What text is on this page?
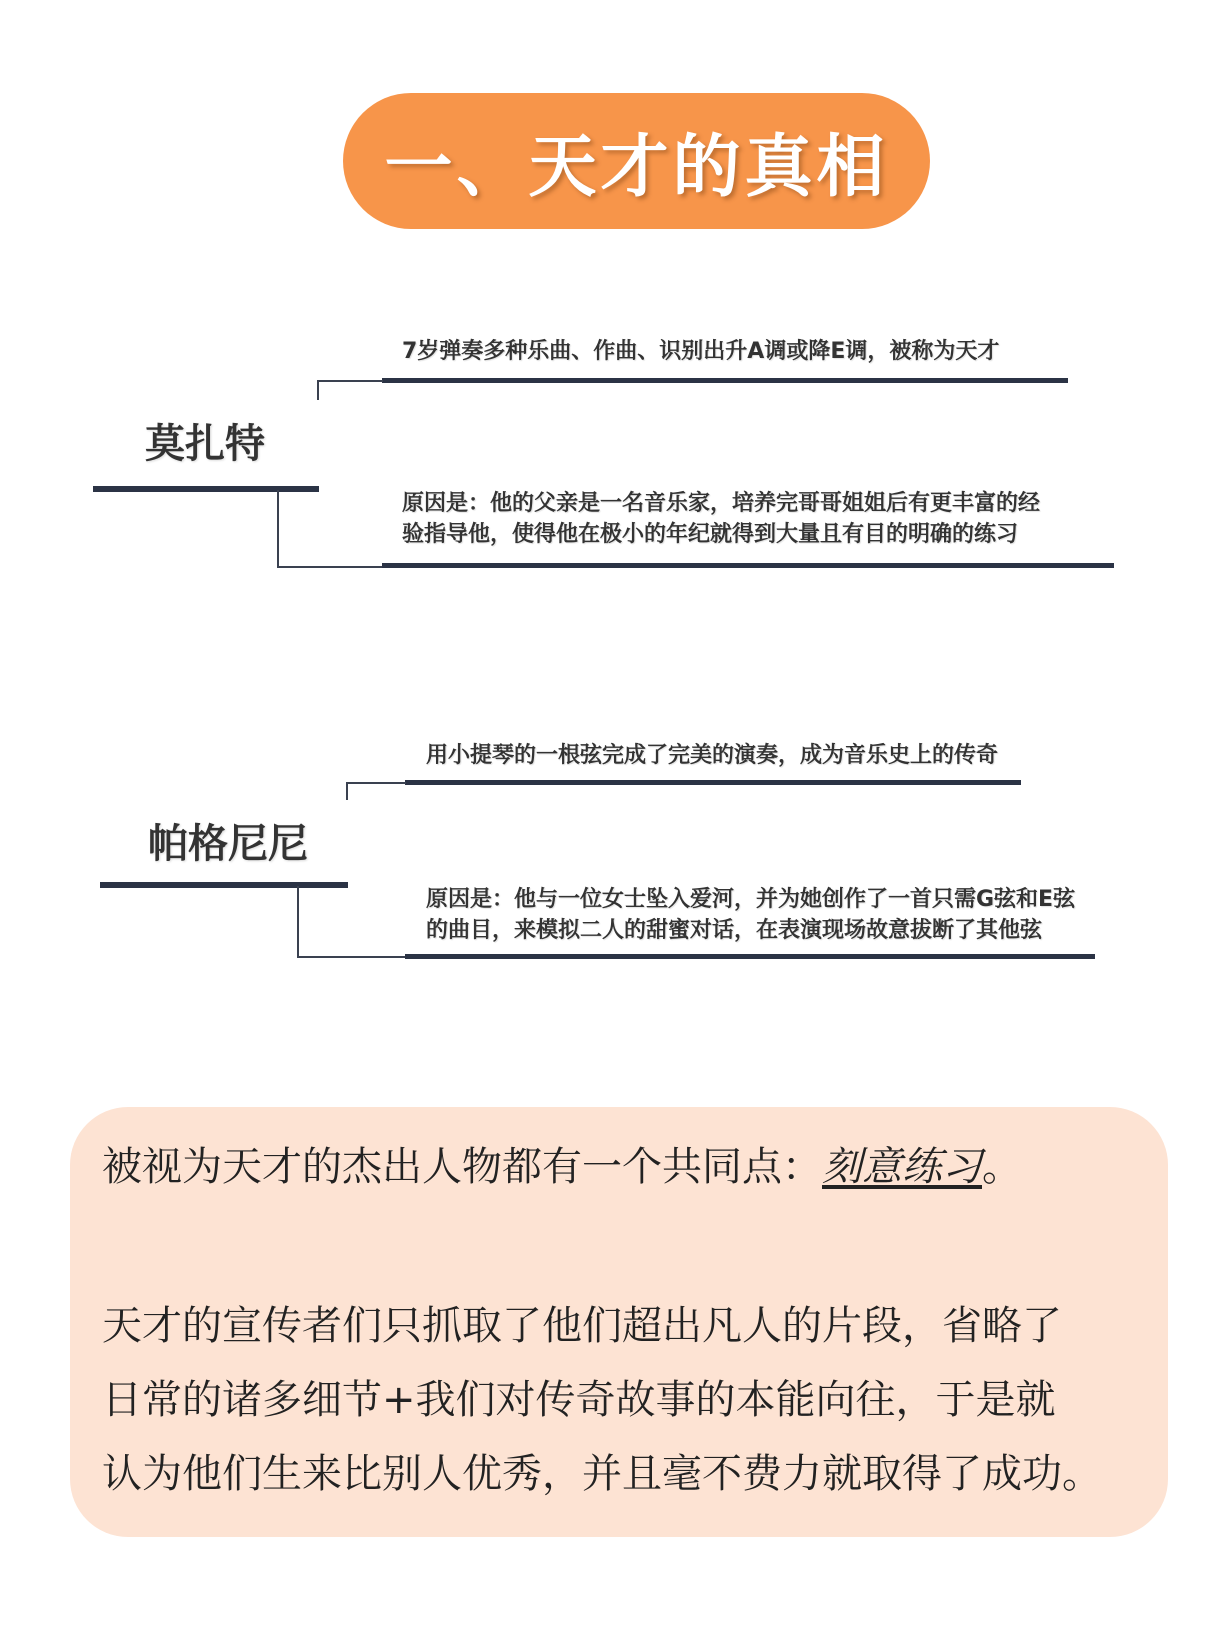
一、天才的真相
7岁弹奏多种乐曲、作曲、识别出升A调或降E调，被称为天才
莫扎特
原因是：他的父亲是一名音乐家，培养完哥哥姐姐后有更丰富的经
验指导他，使得他在极小的年纪就得到大量且有目的明确的练习
用小提琴的一根弦完成了完美的演奏，成为音乐史上的传奇
帕格尼尼
原因是：他与一位女士坠入爱河，并为她创作了一首只需G弦和E弦
的曲目，来模拟二人的甜蜜对话，在表演现场故意拔断了其他弦
被视为天才的杰出人物都有一个共同点：刻意练习。
天才的宣传者们只抓取了他们超出凡人的片段，省略了
日常的诸多细节+我们对传奇故事的本能向往，于是就
认为他们生来比别人优秀，并且毫不费力就取得了成功。
